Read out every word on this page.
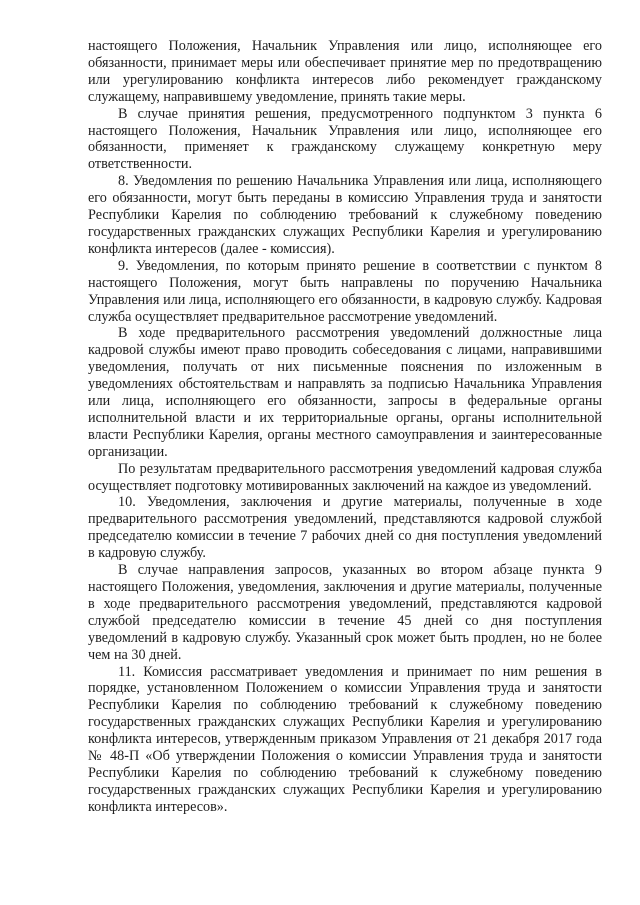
настоящего Положения, Начальник Управления или лицо, исполняющее его обязанности, принимает меры или обеспечивает принятие мер по предотвращению или урегулированию конфликта интересов либо рекомендует гражданскому служащему, направившему уведомление, принять такие меры.

В случае принятия решения, предусмотренного подпунктом 3 пункта 6 настоящего Положения, Начальник Управления или лицо, исполняющее его обязанности, применяет к гражданскому служащему конкретную меру ответственности.

8. Уведомления по решению Начальника Управления или лица, исполняющего его обязанности, могут быть переданы в комиссию Управления труда и занятости Республики Карелия по соблюдению требований к служебному поведению государственных гражданских служащих Республики Карелия и урегулированию конфликта интересов (далее - комиссия).

9. Уведомления, по которым принято решение в соответствии с пунктом 8 настоящего Положения, могут быть направлены по поручению Начальника Управления или лица, исполняющего его обязанности, в кадровую службу. Кадровая служба осуществляет предварительное рассмотрение уведомлений.

В ходе предварительного рассмотрения уведомлений должностные лица кадровой службы имеют право проводить собеседования с лицами, направившими уведомления, получать от них письменные пояснения по изложенным в уведомлениях обстоятельствам и направлять за подписью Начальника Управления или лица, исполняющего его обязанности, запросы в федеральные органы исполнительной власти и их территориальные органы, органы исполнительной власти Республики Карелия, органы местного самоуправления и заинтересованные организации.

По результатам предварительного рассмотрения уведомлений кадровая служба осуществляет подготовку мотивированных заключений на каждое из уведомлений.

10. Уведомления, заключения и другие материалы, полученные в ходе предварительного рассмотрения уведомлений, представляются кадровой службой председателю комиссии в течение 7 рабочих дней со дня поступления уведомлений в кадровую службу.

В случае направления запросов, указанных во втором абзаце пункта 9 настоящего Положения, уведомления, заключения и другие материалы, полученные в ходе предварительного рассмотрения уведомлений, представляются кадровой службой председателю комиссии в течение 45 дней со дня поступления уведомлений в кадровую службу. Указанный срок может быть продлен, но не более чем на 30 дней.

11. Комиссия рассматривает уведомления и принимает по ним решения в порядке, установленном Положением о комиссии Управления труда и занятости Республики Карелия по соблюдению требований к служебному поведению государственных гражданских служащих Республики Карелия и урегулированию конфликта интересов, утвержденным приказом Управления от 21 декабря 2017 года № 48-П «Об утверждении Положения о комиссии Управления труда и занятости Республики Карелия по соблюдению требований к служебному поведению государственных гражданских служащих Республики Карелия и урегулированию конфликта интересов».
